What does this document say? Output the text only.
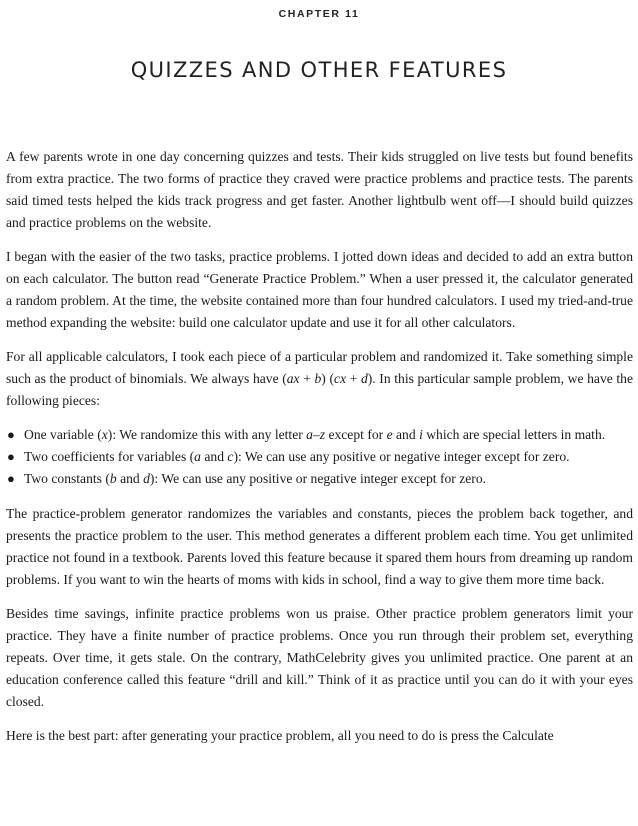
CHAPTER 11
QUIZZES AND OTHER FEATURES

A few parents wrote in one day concerning quizzes and tests. Their kids struggled on live tests but found benefits from extra practice. The two forms of practice they craved were practice problems and practice tests. The parents said timed tests helped the kids track progress and get faster. Another lightbulb went off—I should build quizzes and practice problems on the website.

I began with the easier of the two tasks, practice problems. I jotted down ideas and decided to add an extra button on each calculator. The button read “Generate Practice Problem.” When a user pressed it, the calculator generated a random problem. At the time, the website contained more than four hundred calculators. I used my tried-and-true method expanding the website: build one calculator update and use it for all other calculators.

For all applicable calculators, I took each piece of a particular problem and randomized it. Take something simple such as the product of binomials. We always have (ax + b) (cx + d). In this particular sample problem, we have the following pieces:

● One variable (x): We randomize this with any letter a–z except for e and i which are special letters in math.
● Two coefficients for variables (a and c): We can use any positive or negative integer except for zero.
● Two constants (b and d): We can use any positive or negative integer except for zero.

The practice-problem generator randomizes the variables and constants, pieces the problem back together, and presents the practice problem to the user. This method generates a different problem each time. You get unlimited practice not found in a textbook. Parents loved this feature because it spared them hours from dreaming up random problems. If you want to win the hearts of moms with kids in school, find a way to give them more time back.

Besides time savings, infinite practice problems won us praise. Other practice problem generators limit your practice. They have a finite number of practice problems. Once you run through their problem set, everything repeats. Over time, it gets stale. On the contrary, MathCelebrity gives you unlimited practice. One parent at an education conference called this feature “drill and kill.” Think of it as practice until you can do it with your eyes closed.

Here is the best part: after generating your practice problem, all you need to do is press the Calculate
